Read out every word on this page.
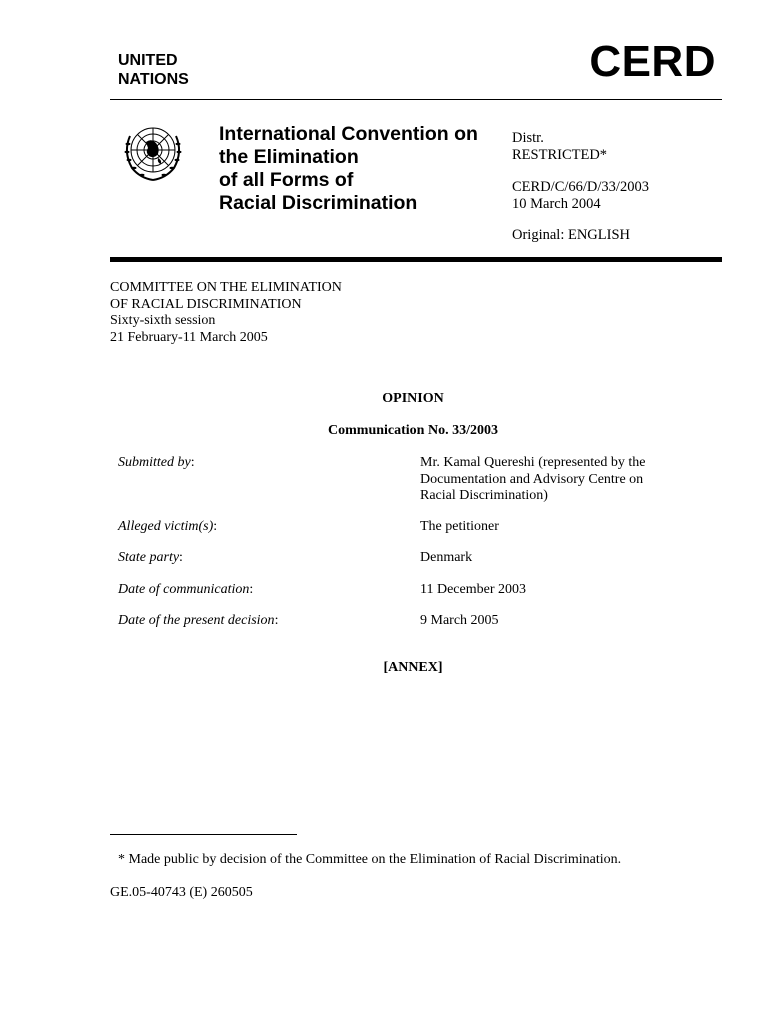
UNITED
NATIONS	CERD
International Convention on
the Elimination
of all Forms of
Racial Discrimination
Distr.
RESTRICTED*
CERD/C/66/D/33/2003
10 March 2004
Original: ENGLISH
COMMITTEE ON THE ELIMINATION
OF RACIAL DISCRIMINATION
Sixty-sixth session
21 February-11 March 2005
OPINION
Communication No. 33/2003
Submitted by:	Mr. Kamal Quereshi (represented by the
Documentation and Advisory Centre on
Racial Discrimination)
Alleged victim(s):	The petitioner
State party:	Denmark
Date of communication:	11 December 2003
Date of the present decision:	9 March 2005
[ANNEX]
* Made public by decision of the Committee on the Elimination of Racial Discrimination.
GE.05-40743 (E) 260505
